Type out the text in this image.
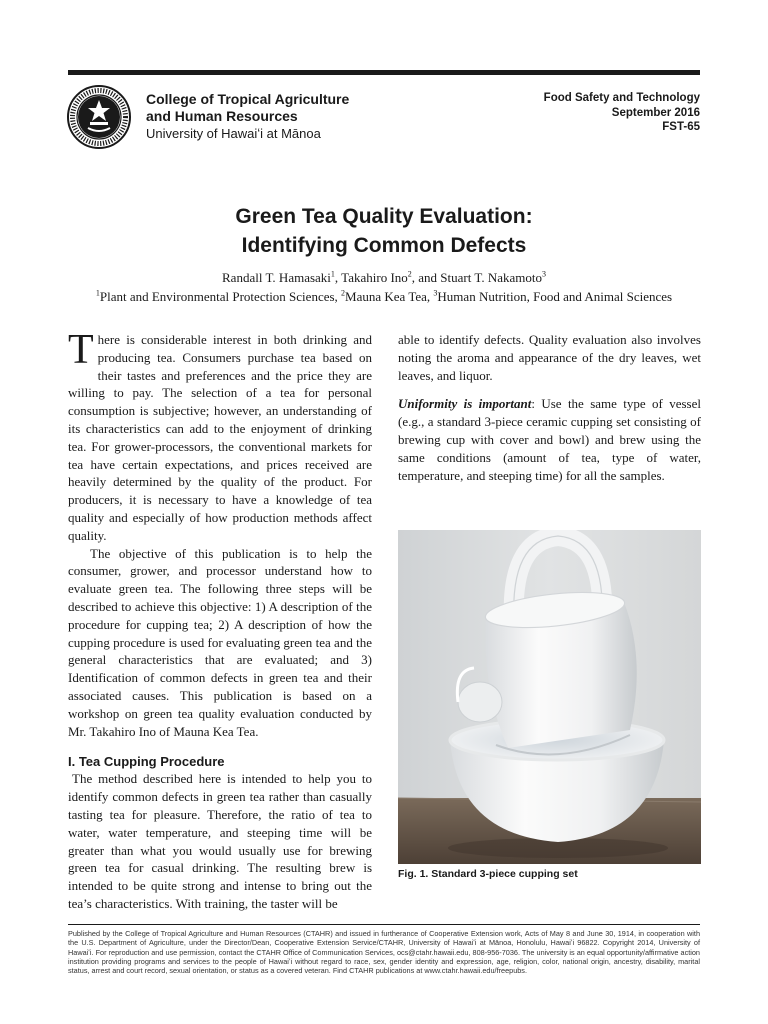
College of Tropical Agriculture
and Human Resources
University of Hawaiʻi at Mānoa
Food Safety and Technology
September 2016
FST-65
Green Tea Quality Evaluation:
Identifying Common Defects
Randall T. Hamasaki$^1$, Takahiro Ino$^2$, and Stuart T. Nakamoto$^3$
$^1$Plant and Environmental Protection Sciences, $^2$Mauna Kea Tea, $^3$Human Nutrition, Food and Animal Sciences

There is considerable interest in both drinking and producing tea. Consumers purchase tea based on their tastes and preferences and the price they are willing to pay. The selection of a tea for personal consumption is subjective; however, an understanding of its characteristics can add to the enjoyment of drinking tea. For grower-processors, the conventional markets for tea have certain expectations, and prices received are heavily determined by the quality of the product. For producers, it is necessary to have a knowledge of tea quality and especially of how production methods affect quality.

The objective of this publication is to help the consumer, grower, and processor understand how to evaluate green tea. The following three steps will be described to achieve this objective: 1) A description of the procedure for cupping tea; 2) A description of how the cupping procedure is used for evaluating green tea and the general characteristics that are evaluated; and 3) Identification of common defects in green tea and their associated causes. This publication is based on a workshop on green tea quality evaluation conducted by Mr. Takahiro Ino of Mauna Kea Tea.

I. Tea Cupping Procedure

The method described here is intended to help you to identify common defects in green tea rather than casually tasting tea for pleasure. Therefore, the ratio of tea to water, water temperature, and steeping time will be greater than what you would usually use for brewing green tea for casual drinking. The resulting brew is intended to be quite strong and intense to bring out the tea’s characteristics. With training, the taster will be

able to identify defects. Quality evaluation also involves noting the aroma and appearance of the dry leaves, wet leaves, and liquor.

Uniformity is important: Use the same type of vessel (e.g., a standard 3-piece ceramic cupping set consisting of brewing cup with cover and bowl) and brew using the same conditions (amount of tea, type of water, temperature, and steeping time) for all the samples.

Fig. 1. Standard 3-piece cupping set
Published by the College of Tropical Agriculture and Human Resources (CTAHR) and issued in furtherance of Cooperative Extension work, Acts of May 8 and June 30, 1914, in cooperation with the U.S. Department of Agriculture, under the Director/Dean, Cooperative Extension Service/CTAHR, University of Hawaiʻi at Mānoa, Honolulu, Hawaiʻi 96822. Copyright 2014, University of Hawaiʻi. For reproduction and use permission, contact the CTAHR Office of Communication Services, ocs@ctahr.hawaii.edu, 808-956-7036. The university is an equal opportunity/affirmative action institution providing programs and services to the people of Hawaiʻi without regard to race, sex, gender identity and expression, age, religion, color, national origin, ancestry, disability, marital status, arrest and court record, sexual orientation, or status as a covered veteran. Find CTAHR publications at www.ctahr.hawaii.edu/freepubs.
